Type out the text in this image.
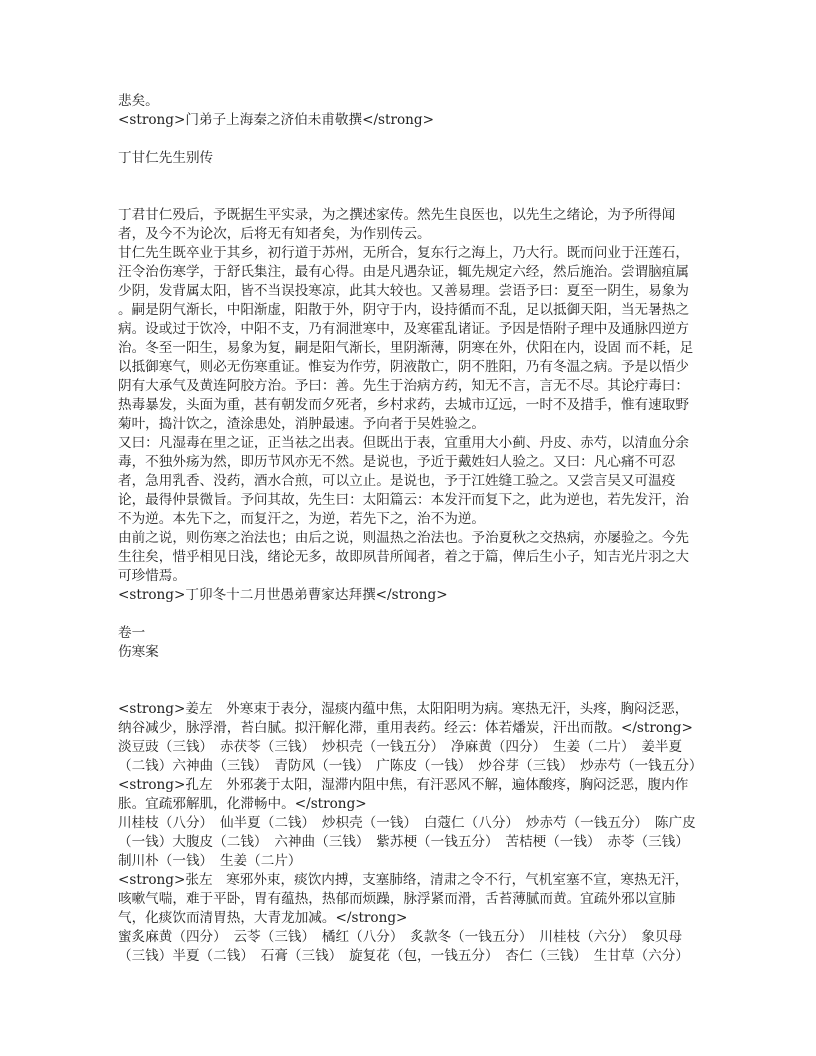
悲矣。
<strong>门弟子上海秦之济伯未甫敬撰</strong>
丁甘仁先生别传
丁君甘仁殁后，予既据生平实录，为之撰述家传。然先生良医也，以先生之绪论，为予所得闻者，及今不为论次，后将无有知者矣，为作别传云。
甘仁先生既卒业于其乡，初行道于苏州，无所合，复东行之海上，乃大行。既而问业于汪莲石，汪令治伤寒学，于舒氏集注，最有心得。由是凡遇杂证，辄先规定六经，然后施治。尝谓脑疽属少阴，发背属太阳，皆不当误投寒凉，此其大较也。又善易理。尝语予曰：夏至一阴生，易象为 。嗣是阴气渐长，中阳渐虚，阳散于外，阴守于内，设持循而不乱，足以抵御天阳，当无暑热之病。设或过于饮冷，中阳不支，乃有洞泄寒中，及寒霍乱诸证。予因是悟附子理中及通脉四逆方治。冬至一阳生，易象为复，嗣是阳气渐长，里阴渐薄，阴寒在外，伏阳在内，设固 而不耗，足以抵御寒气，则必无伤寒重证。惟妄为作劳，阴液散亡，阴不胜阳，乃有冬温之病。予是以悟少阴有大承气及黄连阿胶方治。予曰：善。先生于治病方药，知无不言，言无不尽。其论疔毒曰：热毒暴发，头面为重，甚有朝发而夕死者，乡村求药，去城市辽远，一时不及措手，惟有速取野菊叶，捣汁饮之，渣涂患处，消肿最速。予向者于吴姓验之。
又曰：凡湿毒在里之证，正当祛之出表。但既出于表，宜重用大小蓟、丹皮、赤芍，以清血分余毒，不独外疡为然，即历节风亦无不然。是说也，予近于戴姓妇人验之。又曰：凡心痛不可忍者，急用乳香、没药，酒水合煎，可以立止。是说也，予于江姓缝工验之。又尝言吴又可温疫论，最得仲景微旨。予问其故，先生曰：太阳篇云：本发汗而复下之，此为逆也，若先发汗，治不为逆。本先下之，而复汗之，为逆，若先下之，治不为逆。
由前之说，则伤寒之治法也；由后之说，则温热之治法也。予治夏秋之交热病，亦屡验之。今先生往矣，惜乎相见日浅，绪论无多，故即夙昔所闻者，着之于篇，俾后生小子，知吉光片羽之大可珍惜焉。
<strong>丁卯冬十二月世愚弟曹家达拜撰</strong>
卷一
伤寒案
<strong>姜左　外寒束于表分，湿痰内蕴中焦，太阳阳明为病。寒热无汗，头疼，胸闷泛恶，纳谷减少，脉浮滑，苔白腻。拟汗解化滞，重用表药。经云：体若燔炭，汗出而散。</strong>
淡豆豉（三钱）　赤茯苓（三钱）　炒枳壳（一钱五分）　净麻黄（四分）　生姜（二片）　姜半夏（二钱）六神曲（三钱）　青防风（一钱）　广陈皮（一钱）　炒谷芽（三钱）　炒赤芍（一钱五分）
<strong>孔左　外邪袭于太阳，湿滞内阻中焦，有汗恶风不解，遍体酸疼，胸闷泛恶，腹内作胀。宜疏邪解肌，化滞畅中。</strong>
川桂枝（八分）　仙半夏（二钱）　炒枳壳（一钱）　白蔻仁（八分）　炒赤芍（一钱五分）　陈广皮（一钱）大腹皮（二钱）　六神曲（三钱）　紫苏梗（一钱五分）　苦桔梗（一钱）　赤苓（三钱）　制川朴（一钱）　生姜（二片）
<strong>张左　寒邪外束，痰饮内搏，支塞肺络，清肃之令不行，气机室塞不宣，寒热无汗，咳嗽气喘，难于平卧，胃有蕴热，热郁而烦躁，脉浮紧而滑，舌苔薄腻而黄。宜疏外邪以宣肺气，化痰饮而清胃热，大青龙加减。</strong>
蜜炙麻黄（四分）　云苓（三钱）　橘红（八分）　炙款冬（一钱五分）　川桂枝（六分）　象贝母（三钱）半夏（二钱）　石膏（三钱）　旋复花（包，一钱五分）　杏仁（三钱）　生甘草（六分）
